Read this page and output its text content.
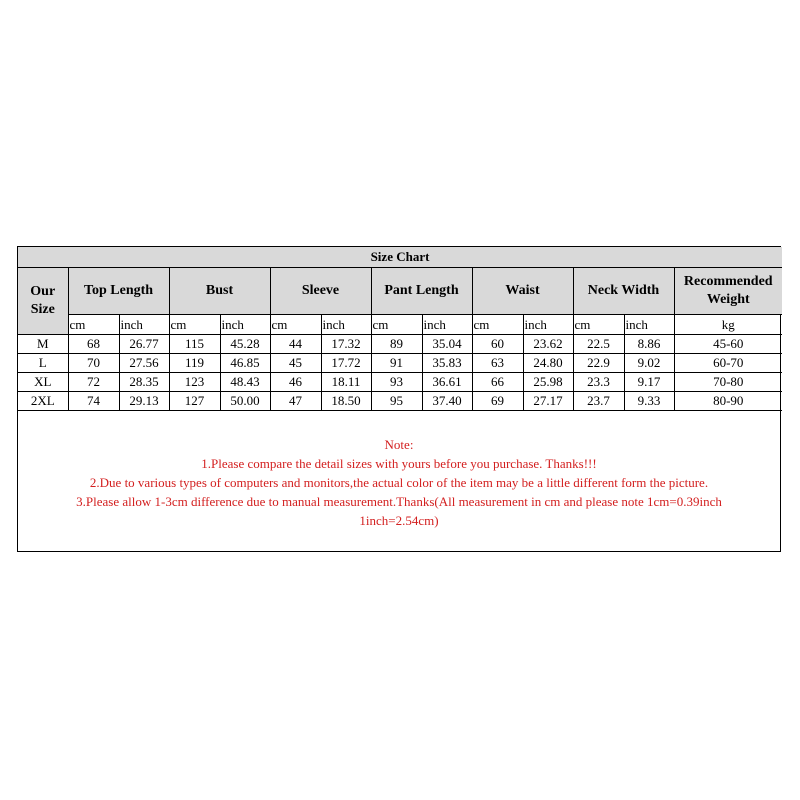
Size Chart													
Our Size	Top Length		Bust		Sleeve		Pant Length		Waist		Neck Width		Recommended Weight
	cm	inch	cm	inch	cm	inch	cm	inch	cm	inch	cm	inch	kg
M	68	26.77	115	45.28	44	17.32	89	35.04	60	23.62	22.5	8.86	45-60
L	70	27.56	119	46.85	45	17.72	91	35.83	63	24.80	22.9	9.02	60-70
XL	72	28.35	123	48.43	46	18.11	93	36.61	66	25.98	23.3	9.17	70-80
2XL	74	29.13	127	50.00	47	18.50	95	37.40	69	27.17	23.7	9.33	80-90
Note:
1.Please compare the detail sizes with yours before you purchase. Thanks!!!
2.Due to various types of computers and monitors,the actual color of the item may be a little different form the picture.
3.Please allow 1-3cm difference due to manual measurement.Thanks(All measurement in cm and please note 1cm=0.39inch
1inch=2.54cm)
